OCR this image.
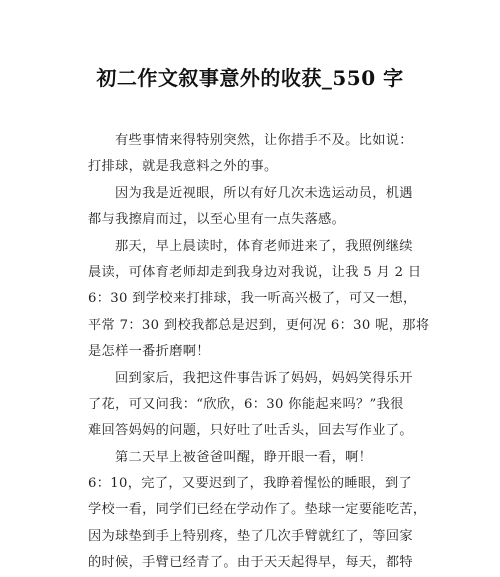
初二作文叙事意外的收获_550 字
有些事情来得特别突然，让你措手不及。比如说：
打排球，就是我意料之外的事。
因为我是近视眼，所以有好几次未选运动员，机遇
都与我擦肩而过，以至心里有一点失落感。
那天，早上晨读时，体育老师进来了，我照例继续
晨读，可体育老师却走到我身边对我说，让我 5 月 2 日
6：30 到学校来打排球，我一听高兴极了，可又一想，
平常 7：30 到校我都总是迟到，更何况 6：30 呢，那将
是怎样一番折磨啊！
回到家后，我把这件事告诉了妈妈，妈妈笑得乐开
了花，可又问我：“欣欣，6：30 你能起来吗？”我很
难回答妈妈的问题，只好吐了吐舌头，回去写作业了。
第二天早上被爸爸叫醒，睁开眼一看，啊！
6：10，完了，又要迟到了，我睁着惺忪的睡眼，到了
学校一看，同学们已经在学动作了。垫球一定要能吃苦，
因为球垫到手上特别疼，垫了几次手臂就红了，等回家
的时候，手臂已经青了。由于天天起得早，每天，都特
